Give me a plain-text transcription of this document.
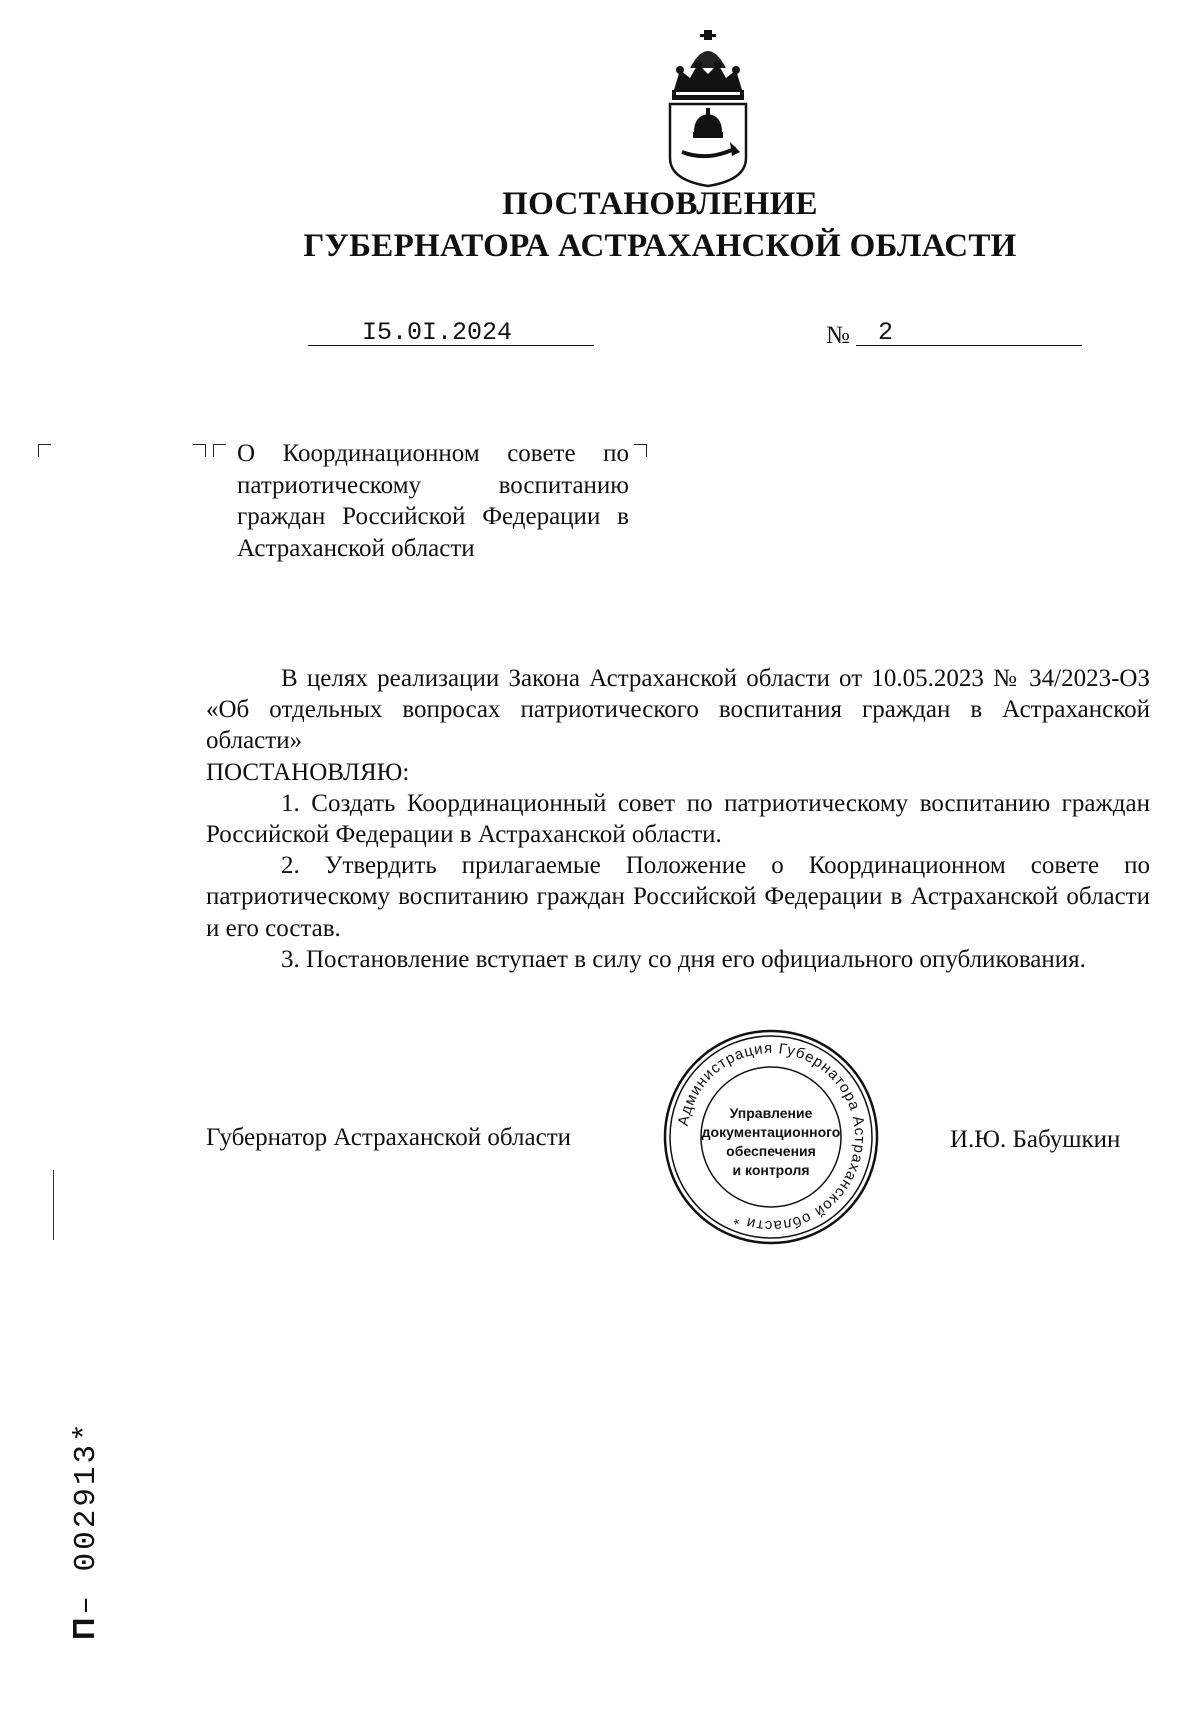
ПОСТАНОВЛЕНИЕ
ГУБЕРНАТОРА АСТРАХАНСКОЙ ОБЛАСТИ
I5.0I.2024	№ 2
О Координационном совете по патриотическому воспитанию граждан Российской Федерации в Астраханской области

В целях реализации Закона Астраханской области от 10.05.2023 № 34/2023-ОЗ «Об отдельных вопросах патриотического воспитания граждан в Астраханской области»

ПОСТАНОВЛЯЮ:

1. Создать Координационный совет по патриотическому воспитанию граждан Российской Федерации в Астраханской области.

2. Утвердить прилагаемые Положение о Координационном совете по патриотическому воспитанию граждан Российской Федерации в Астраханской области и его состав.

3. Постановление вступает в силу со дня его официального опубликования.

Губернатор Астраханской области	И.Ю. Бабушкин
Администрация Губернатора Астраханской области *
Управление
документационного
обеспечения
и контроля
П– 002913*
